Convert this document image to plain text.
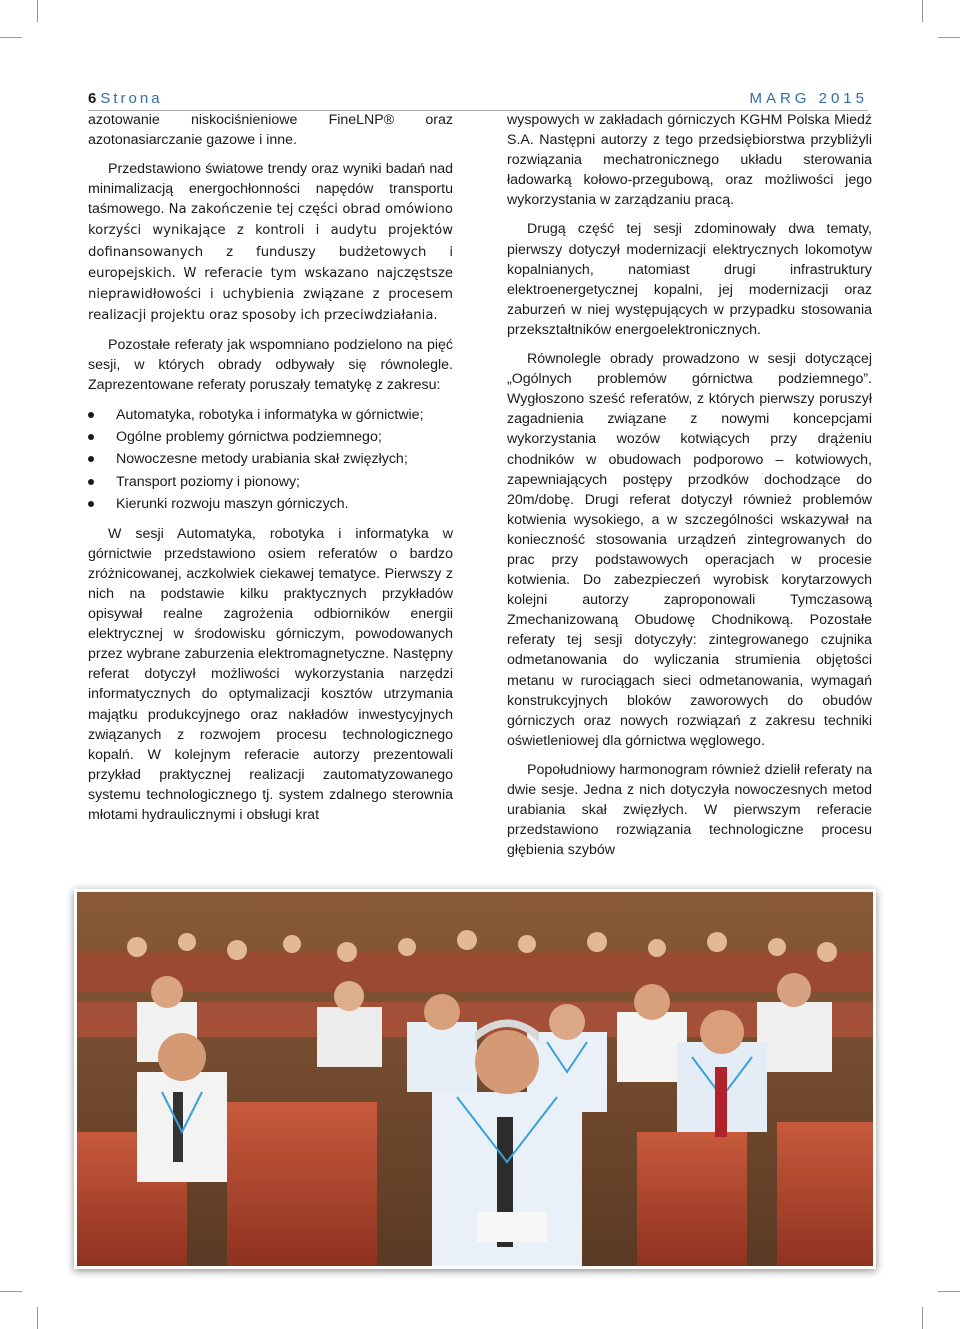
6 Strona	MARG 2015

azotowanie niskociśnieniowe FineLNP® oraz azotonasiarczanie gazowe i inne.

Przedstawiono światowe trendy oraz wyniki badań nad minimalizacją energochłonności napędów transportu taśmowego. Na zakończenie tej części obrad omówiono korzyści wynikające z kontroli i audytu projektów dofinansowanych z funduszy budżetowych i europejskich. W referacie tym wskazano najczęstsze nieprawidłowości i uchybienia związane z procesem realizacji projektu oraz sposoby ich przeciwdziałania.

Pozostałe referaty jak wspomniano podzielono na pięć sesji, w których obrady odbywały się równolegle. Zaprezentowane referaty poruszały tematykę z zakresu:

Automatyka, robotyka i informatyka w górnictwie;
Ogólne problemy górnictwa podziemnego;
Nowoczesne metody urabiania skał zwięzłych;
Transport poziomy i pionowy;
Kierunki rozwoju maszyn górniczych.

W sesji Automatyka, robotyka i informatyka w górnictwie przedstawiono osiem referatów o bardzo zróżnicowanej, aczkolwiek ciekawej tematyce. Pierwszy z nich na podstawie kilku praktycznych przykładów opisywał realne zagrożenia odbiorników energii elektrycznej w środowisku górniczym, powodowanych przez wybrane zaburzenia elektromagnetyczne. Następny referat dotyczył możliwości wykorzystania narzędzi informatycznych do optymalizacji kosztów utrzymania majątku produkcyjnego oraz nakładów inwestycyjnych związanych z rozwojem procesu technologicznego kopalń. W kolejnym referacie autorzy prezentowali przykład praktycznej realizacji zautomatyzowanego systemu technologicznego tj. system zdalnego sterownia młotami hydraulicznymi i obsługi krat

wyspowych w zakładach górniczych KGHM Polska Miedź S.A. Następni autorzy z tego przedsiębiorstwa przybliżyli rozwiązania mechatronicznego układu sterowania ładowarką kołowo-przegubową, oraz możliwości jego wykorzystania w zarządzaniu pracą.

Drugą część tej sesji zdominowały dwa tematy, pierwszy dotyczył modernizacji elektrycznych lokomotyw kopalnianych, natomiast drugi infrastruktury elektroenergetycznej kopalni, jej modernizacji oraz zaburzeń w niej występujących w przypadku stosowania przekształtników energoelektronicznych.

Równolegle obrady prowadzono w sesji dotyczącej „Ogólnych problemów górnictwa podziemnego”. Wygłoszono sześć referatów, z których pierwszy poruszył zagadnienia związane z nowymi koncepcjami wykorzystania wozów kotwiących przy drążeniu chodników w obudowach podporowo – kotwiowych, zapewniających postępy przodków dochodzące do 20m/dobę. Drugi referat dotyczył również problemów kotwienia wysokiego, a w szczególności wskazywał na konieczność stosowania urządzeń zintegrowanych do prac przy podstawowych operacjach w procesie kotwienia. Do zabezpieczeń wyrobisk korytarzowych kolejni autorzy zaproponowali Tymczasową Zmechanizowaną Obudowę Chodnikową. Pozostałe referaty tej sesji dotyczyły: zintegrowanego czujnika odmetanowania do wyliczania strumienia objętości metanu w rurociągach sieci odmetanowania, wymagań konstrukcyjnych bloków zaworowych do obudów górniczych oraz nowych rozwiązań z zakresu techniki oświetleniowej dla górnictwa węglowego.

Popołudniowy harmonogram również dzielił referaty na dwie sesje. Jedna z nich dotyczyła nowoczesnych metod urabiania skał zwięzłych. W pierwszym referacie przedstawiono rozwiązania technologiczne procesu głębienia szybów
